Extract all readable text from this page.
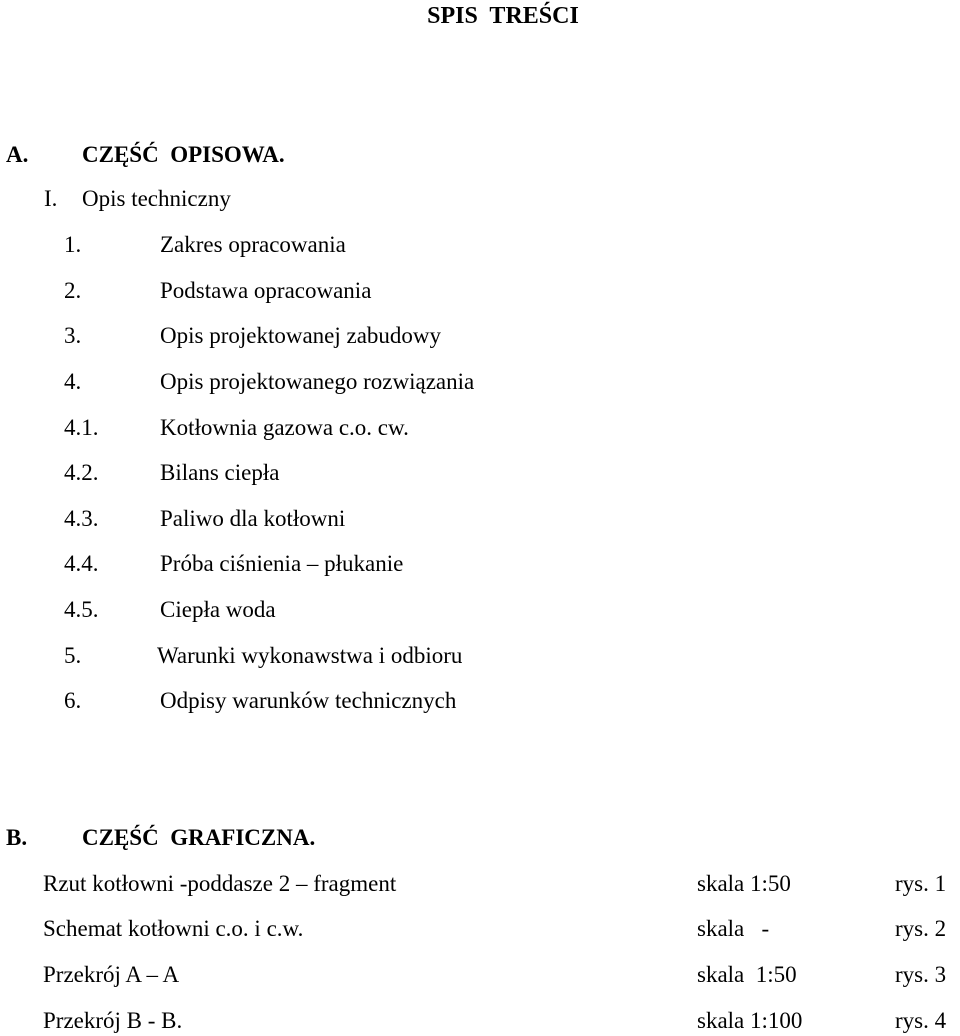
SPIS  TREŚCI
A. CZĘŚĆ  OPISOWA.
I. Opis techniczny
1.	Zakres opracowania
2.	Podstawa opracowania
3.	Opis projektowanej zabudowy
4.	Opis projektowanego rozwiązania
4.1.	Kotłownia gazowa c.o. cw.
4.2.	Bilans ciepła
4.3.	Paliwo dla kotłowni
4.4.	Próba ciśnienia – płukanie
4.5.	Ciepła woda
5.	Warunki wykonawstwa i odbioru
6.	Odpisy warunków technicznych
B. CZĘŚĆ  GRAFICZNA.
Rzut kotłowni -poddasze 2 – fragment	skala 1:50	rys. 1
Schemat kotłowni c.o. i c.w.	skala   -	rys. 2
Przekrój A – A	skala  1:50	rys. 3
Przekrój B - B.	skala 1:100	rys. 4
